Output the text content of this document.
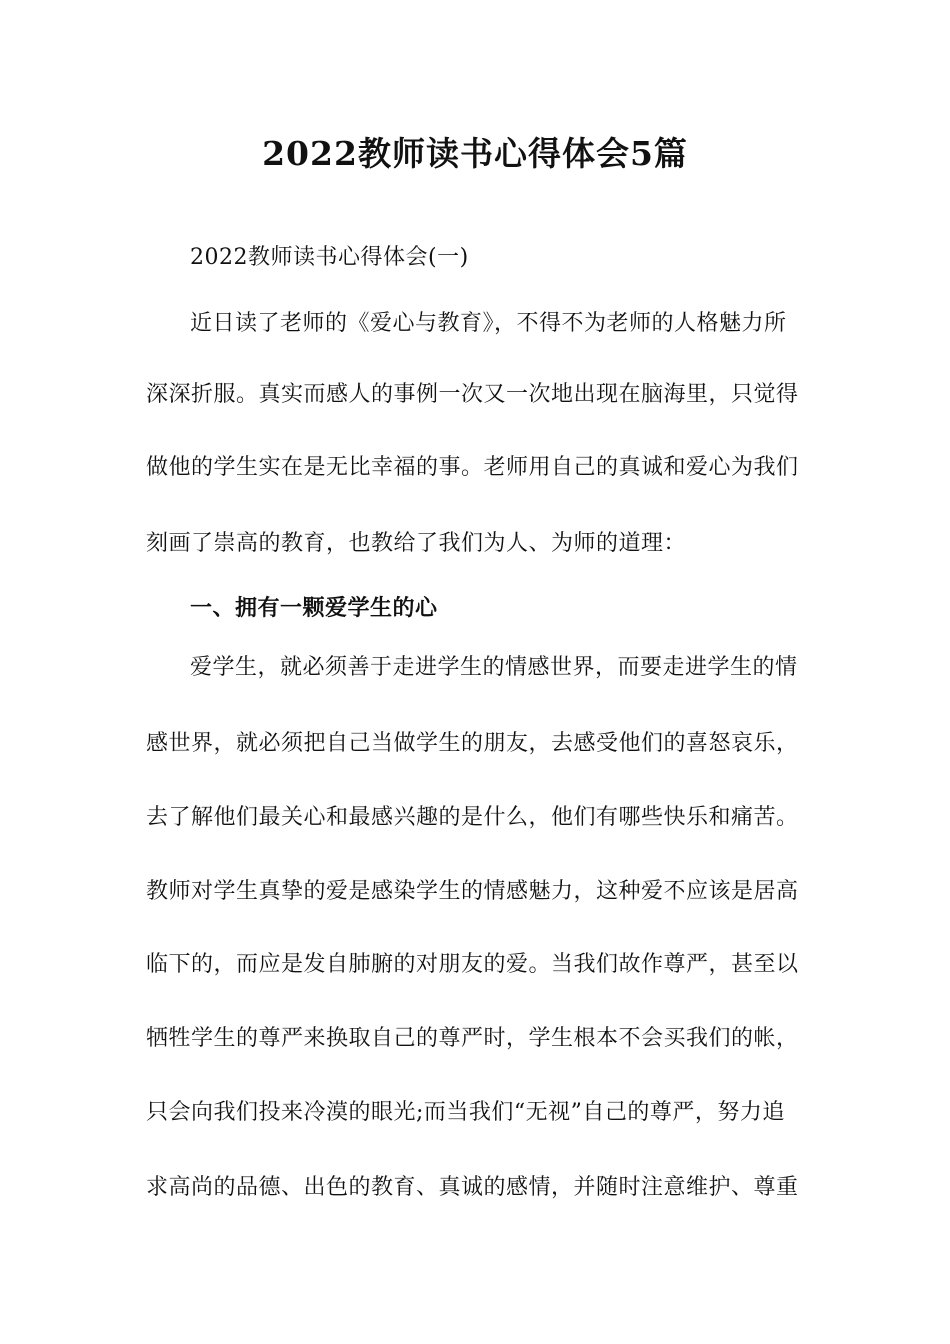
2022教师读书心得体会5篇
2022教师读书心得体会(一)
近日读了老师的《爱心与教育》，不得不为老师的人格魅力所
深深折服。真实而感人的事例一次又一次地出现在脑海里，只觉得
做他的学生实在是无比幸福的事。老师用自己的真诚和爱心为我们
刻画了崇高的教育，也教给了我们为人、为师的道理：
一、拥有一颗爱学生的心
爱学生，就必须善于走进学生的情感世界，而要走进学生的情
感世界，就必须把自己当做学生的朋友，去感受他们的喜怒哀乐，
去了解他们最关心和最感兴趣的是什么，他们有哪些快乐和痛苦。
教师对学生真挚的爱是感染学生的情感魅力，这种爱不应该是居高
临下的，而应是发自肺腑的对朋友的爱。当我们故作尊严，甚至以
牺牲学生的尊严来换取自己的尊严时，学生根本不会买我们的帐，
只会向我们投来冷漠的眼光;而当我们“无视”自己的尊严，努力追
求高尚的品德、出色的教育、真诚的感情，并随时注意维护、尊重
